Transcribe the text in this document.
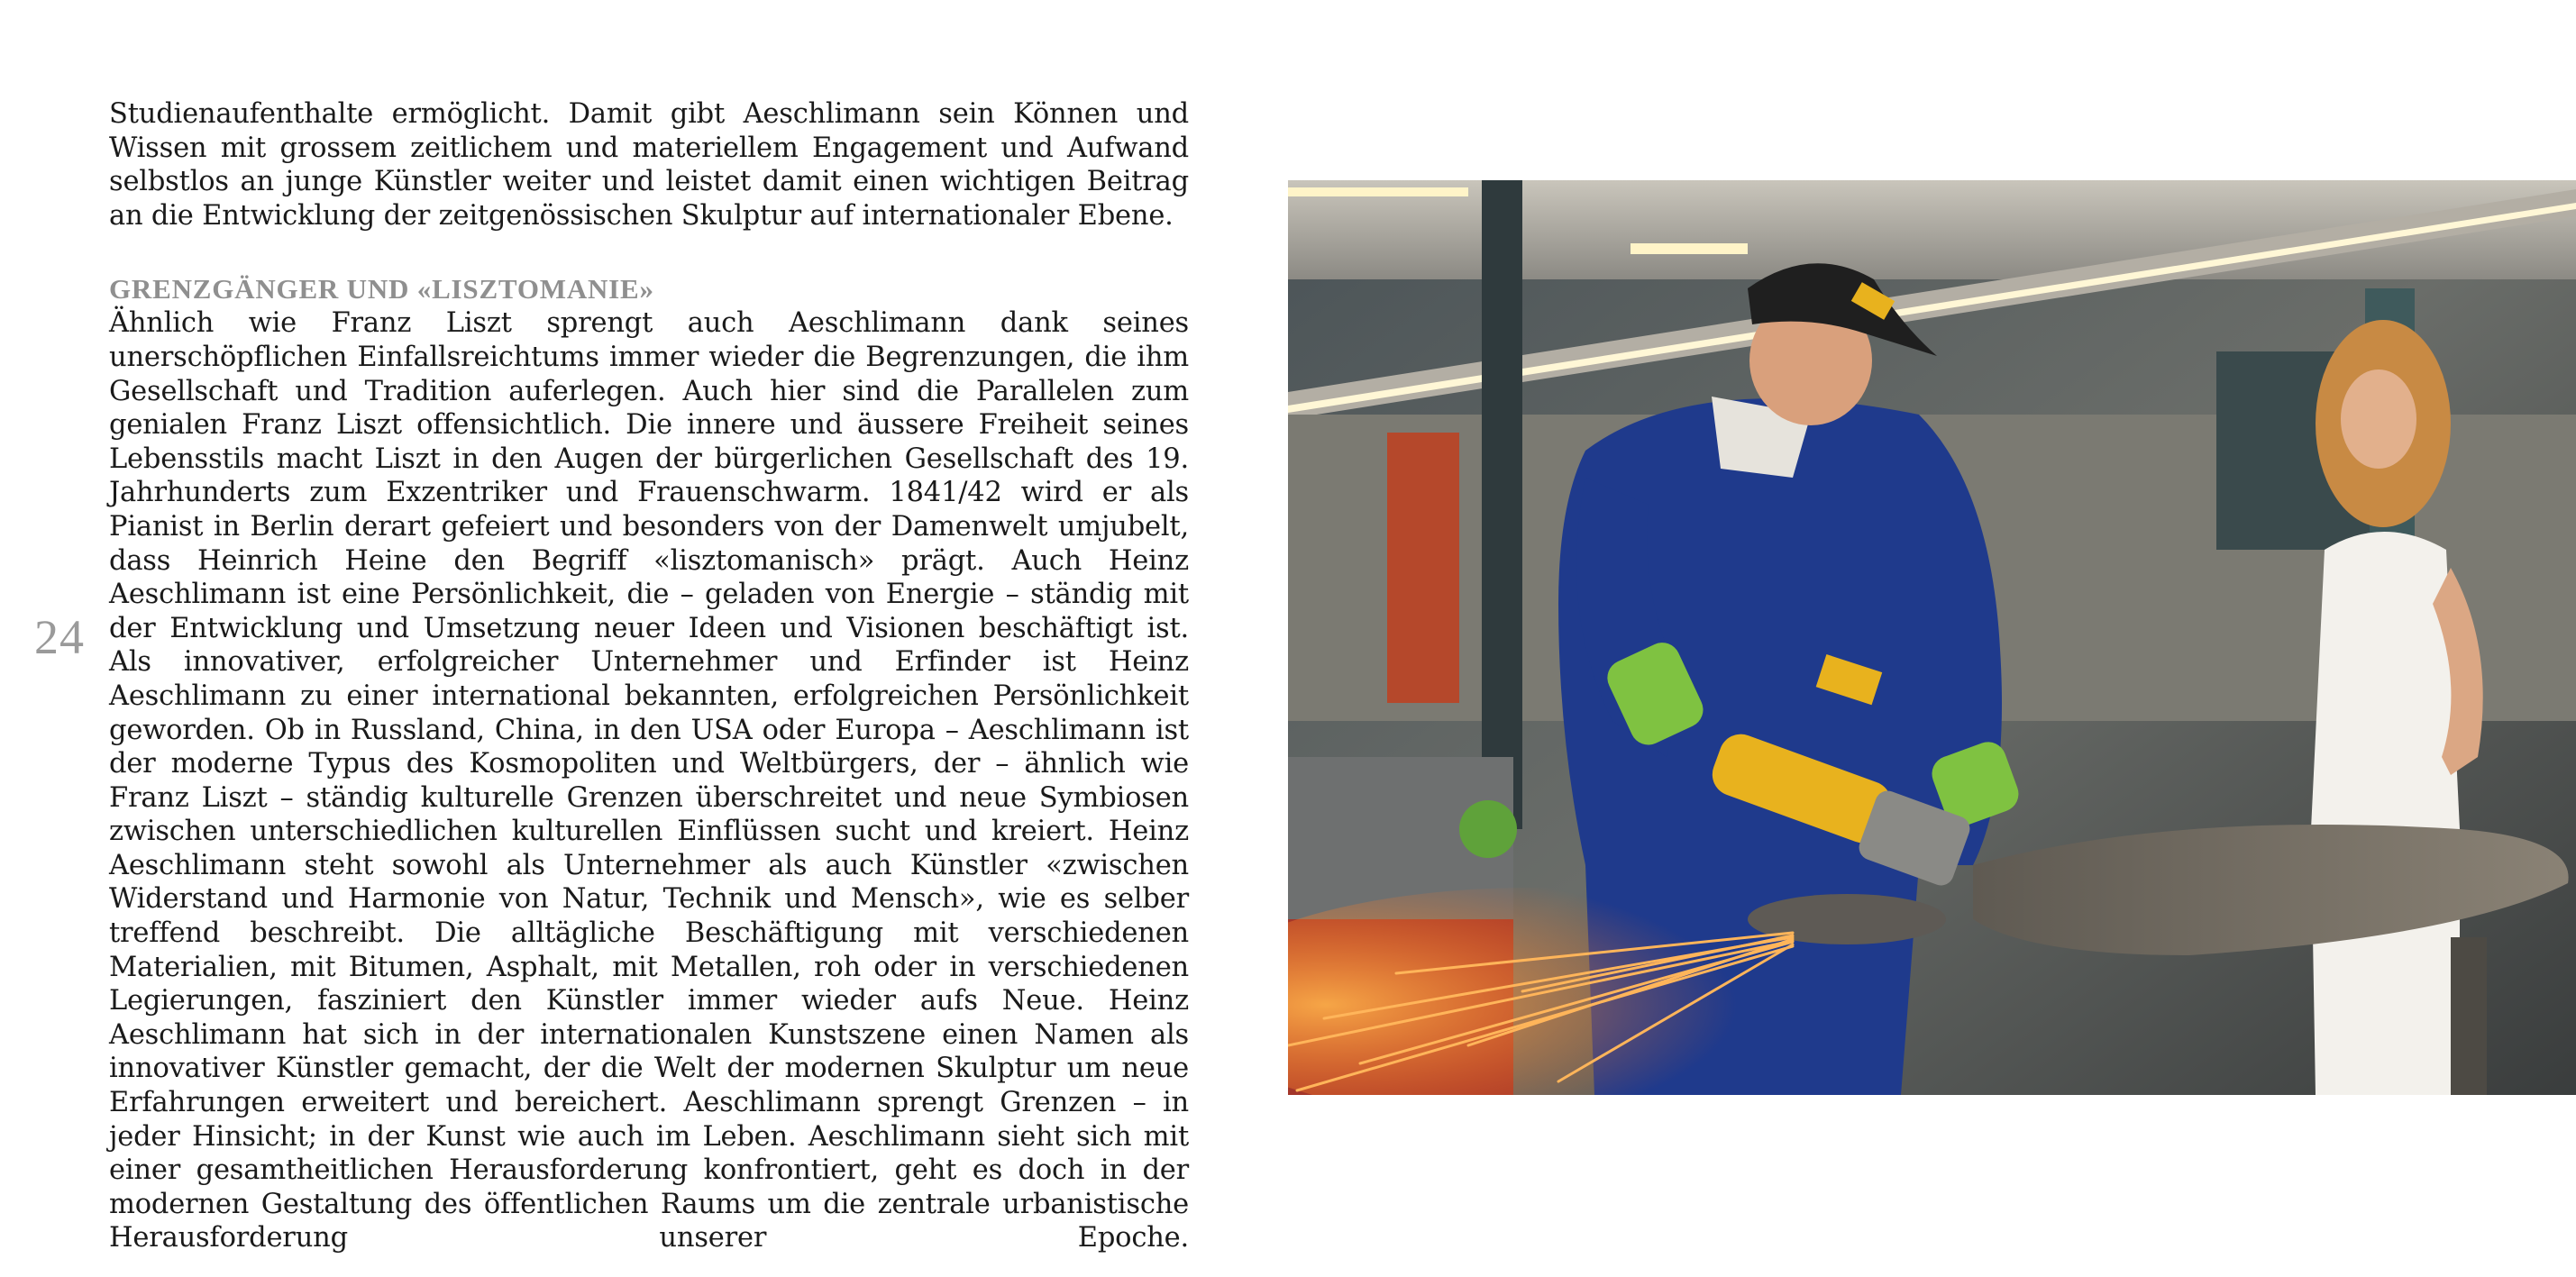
24

Studienaufenthalte ermöglicht. Damit gibt Aeschlimann sein Können und Wissen mit grossem zeitlichem und materiellem Engagement und Aufwand selbstlos an junge Künstler weiter und leistet damit einen wichtigen Beitrag an die Entwicklung der zeitgenössischen Skulptur auf internationaler Ebene.

GRENZGÄNGER UND «LISZTOMANIE»

Ähnlich wie Franz Liszt sprengt auch Aeschlimann dank seines unerschöpflichen Einfallsreichtums immer wieder die Begrenzungen, die ihm Gesellschaft und Tradition auferlegen. Auch hier sind die Parallelen zum genialen Franz Liszt offensichtlich. Die innere und äussere Freiheit seines Lebensstils macht Liszt in den Augen der bürgerlichen Gesellschaft des 19. Jahrhunderts zum Exzentriker und Frauenschwarm. 1841/42 wird er als Pianist in Berlin derart gefeiert und besonders von der Damenwelt umjubelt, dass Heinrich Heine den Begriff «lisztomanisch» prägt. Auch Heinz Aeschlimann ist eine Persönlichkeit, die – geladen von Energie – ständig mit der Entwicklung und Umsetzung neuer Ideen und Visionen beschäftigt ist. Als innovativer, erfolgreicher Unternehmer und Erfinder ist Heinz Aeschlimann zu einer international bekannten, erfolgreichen Persönlichkeit geworden. Ob in Russland, China, in den USA oder Europa – Aeschlimann ist der moderne Typus des Kosmopoliten und Weltbürgers, der – ähnlich wie Franz Liszt – ständig kulturelle Grenzen überschreitet und neue Symbiosen zwischen unterschiedlichen kulturellen Einflüssen sucht und kreiert. Heinz Aeschlimann steht sowohl als Unternehmer als auch Künstler «zwischen Widerstand und Harmonie von Natur, Technik und Mensch», wie es selber treffend beschreibt. Die alltägliche Beschäftigung mit verschiedenen Materialien, mit Bitumen, Asphalt, mit Metallen, roh oder in verschiedenen Legierungen, fasziniert den Künstler immer wieder aufs Neue. Heinz Aeschlimann hat sich in der internationalen Kunstszene einen Namen als innovativer Künstler gemacht, der die Welt der modernen Skulptur um neue Erfahrungen erweitert und bereichert. Aeschlimann sprengt Grenzen – in jeder Hinsicht; in der Kunst wie auch im Leben. Aeschlimann sieht sich mit einer gesamtheitlichen Herausforderung konfrontiert, geht es doch in der modernen Gestaltung des öffentlichen Raums um die zentrale urbanistische Herausforderung unserer Epoche.
